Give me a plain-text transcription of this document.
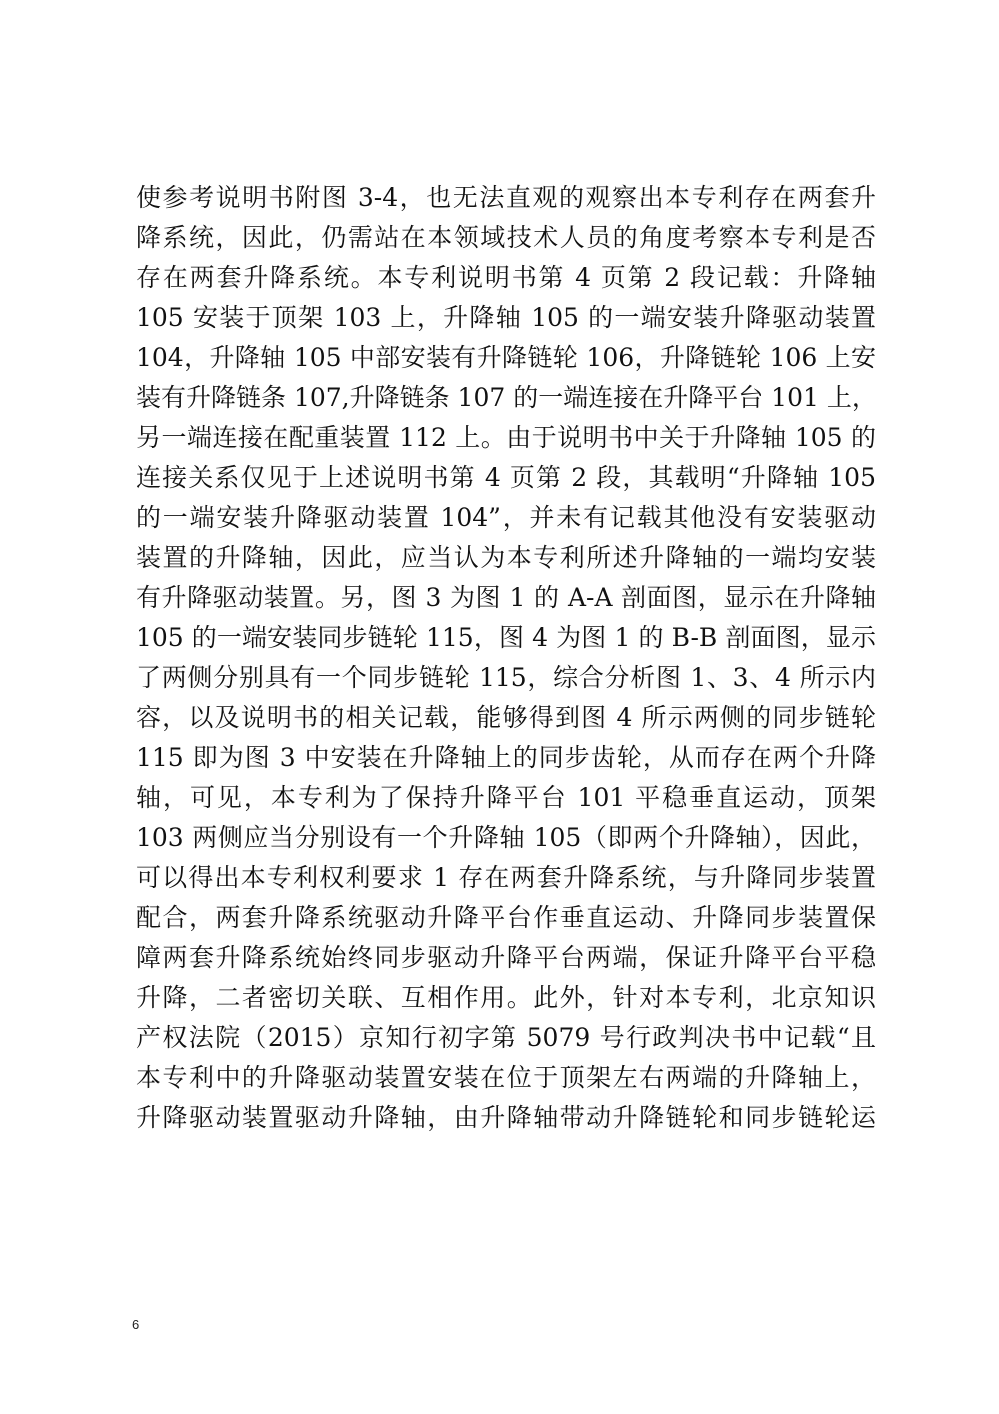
使参考说明书附图 3-4，也无法直观的观察出本专利存在两套升
降系统，因此，仍需站在本领域技术人员的角度考察本专利是否
存在两套升降系统。本专利说明书第 4 页第 2 段记载：升降轴
105 安装于顶架 103 上，升降轴 105 的一端安装升降驱动装置
104，升降轴 105 中部安装有升降链轮 106，升降链轮 106 上安
装有升降链条 107,升降链条 107 的一端连接在升降平台 101 上，
另一端连接在配重装置 112 上。由于说明书中关于升降轴 105 的
连接关系仅见于上述说明书第 4 页第 2 段，其载明“升降轴 105
的一端安装升降驱动装置 104”，并未有记载其他没有安装驱动
装置的升降轴，因此，应当认为本专利所述升降轴的一端均安装
有升降驱动装置。另，图 3 为图 1 的 A-A 剖面图，显示在升降轴
105 的一端安装同步链轮 115，图 4 为图 1 的 B-B 剖面图，显示
了两侧分别具有一个同步链轮 115，综合分析图 1、3、4 所示内
容，以及说明书的相关记载，能够得到图 4 所示两侧的同步链轮
115 即为图 3 中安装在升降轴上的同步齿轮，从而存在两个升降
轴，可见，本专利为了保持升降平台 101 平稳垂直运动，顶架
103 两侧应当分别设有一个升降轴 105（即两个升降轴），因此，
可以得出本专利权利要求 1 存在两套升降系统，与升降同步装置
配合，两套升降系统驱动升降平台作垂直运动、升降同步装置保
障两套升降系统始终同步驱动升降平台两端，保证升降平台平稳
升降，二者密切关联、互相作用。此外，针对本专利，北京知识
产权法院（2015）京知行初字第 5079 号行政判决书中记载“且
本专利中的升降驱动装置安装在位于顶架左右两端的升降轴上，
升降驱动装置驱动升降轴，由升降轴带动升降链轮和同步链轮运
6
